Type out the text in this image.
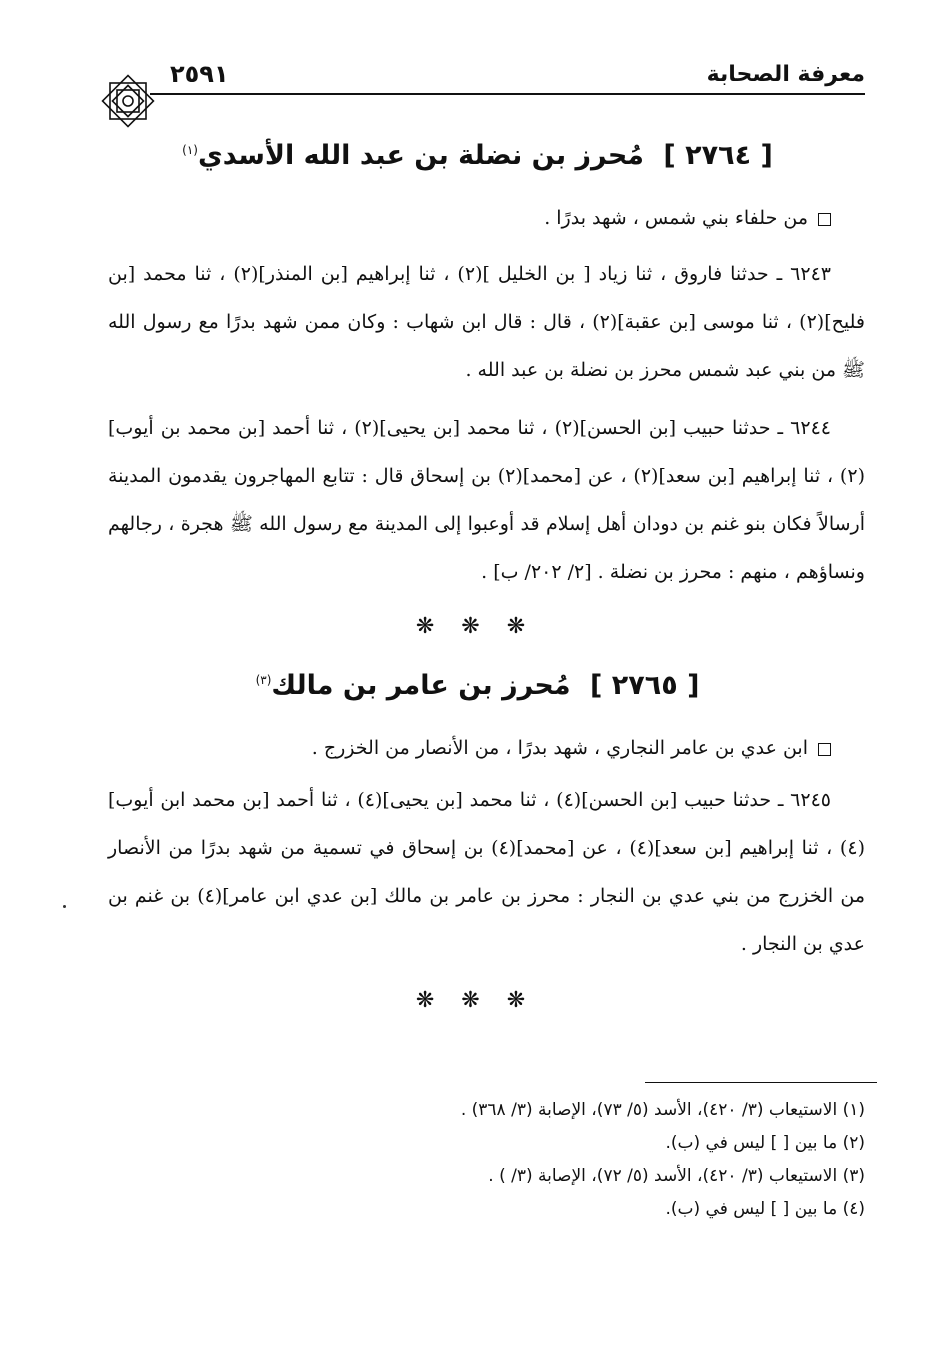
معرفة الصحابة
٢٥٩١
[ ٢٧٦٤ ] مُحرز بن نضلة بن عبد الله الأسدي$^{(١)}$
من حلفاء بني شمس ، شهد بدرًا .
٦٢٤٣ ـ حدثنا فاروق ، ثنا زياد [ بن الخليل ](٢) ، ثنا إبراهيم [بن المنذر](٢) ، ثنا محمد [بن فليح](٢) ، ثنا موسى [بن عقبة](٢) ، قال : قال ابن شهاب : وكان ممن شهد بدرًا مع رسول الله ﷺ من بني عبد شمس محرز بن نضلة بن عبد الله .
٦٢٤٤ ـ حدثنا حبيب [بن الحسن](٢) ، ثنا محمد [بن يحيى](٢) ، ثنا أحمد [بن محمد بن أيوب](٢) ، ثنا إبراهيم [بن سعد](٢) ، عن [محمد](٢) بن إسحاق قال : تتابع المهاجرون يقدمون المدينة أرسالاً فكان بنو غنم بن دودان أهل إسلام قد أوعبوا إلى المدينة مع رسول الله ﷺ هجرة ، رجالهم ونساؤهم ، منهم : محرز بن نضلة . [٢/ ٢٠٢/ ب] .
❋ ❋ ❋
[ ٢٧٦٥ ] مُحرز بن عامر بن مالك$^{(٣)}$
ابن عدي بن عامر النجاري ، شهد بدرًا ، من الأنصار من الخزرج .
٦٢٤٥ ـ حدثنا حبيب [بن الحسن](٤) ، ثنا محمد [بن يحيى](٤) ، ثنا أحمد [بن محمد ابن أيوب](٤) ، ثنا إبراهيم [بن سعد](٤) ، عن [محمد](٤) بن إسحاق في تسمية من شهد بدرًا من الأنصار من الخزرج من بني عدي بن النجار : محرز بن عامر بن مالك [بن عدي ابن عامر](٤) بن غنم بن عدي بن النجار .
❋ ❋ ❋
(١) الاستيعاب (٣/ ٤٢٠)، الأسد (٥/ ٧٣)، الإصابة (٣/ ٣٦٨) .
(٢) ما بين [ ] ليس في (ب).
(٣) الاستيعاب (٣/ ٤٢٠)، الأسد (٥/ ٧٢)، الإصابة (٣/ ) .
(٤) ما بين [ ] ليس في (ب).
